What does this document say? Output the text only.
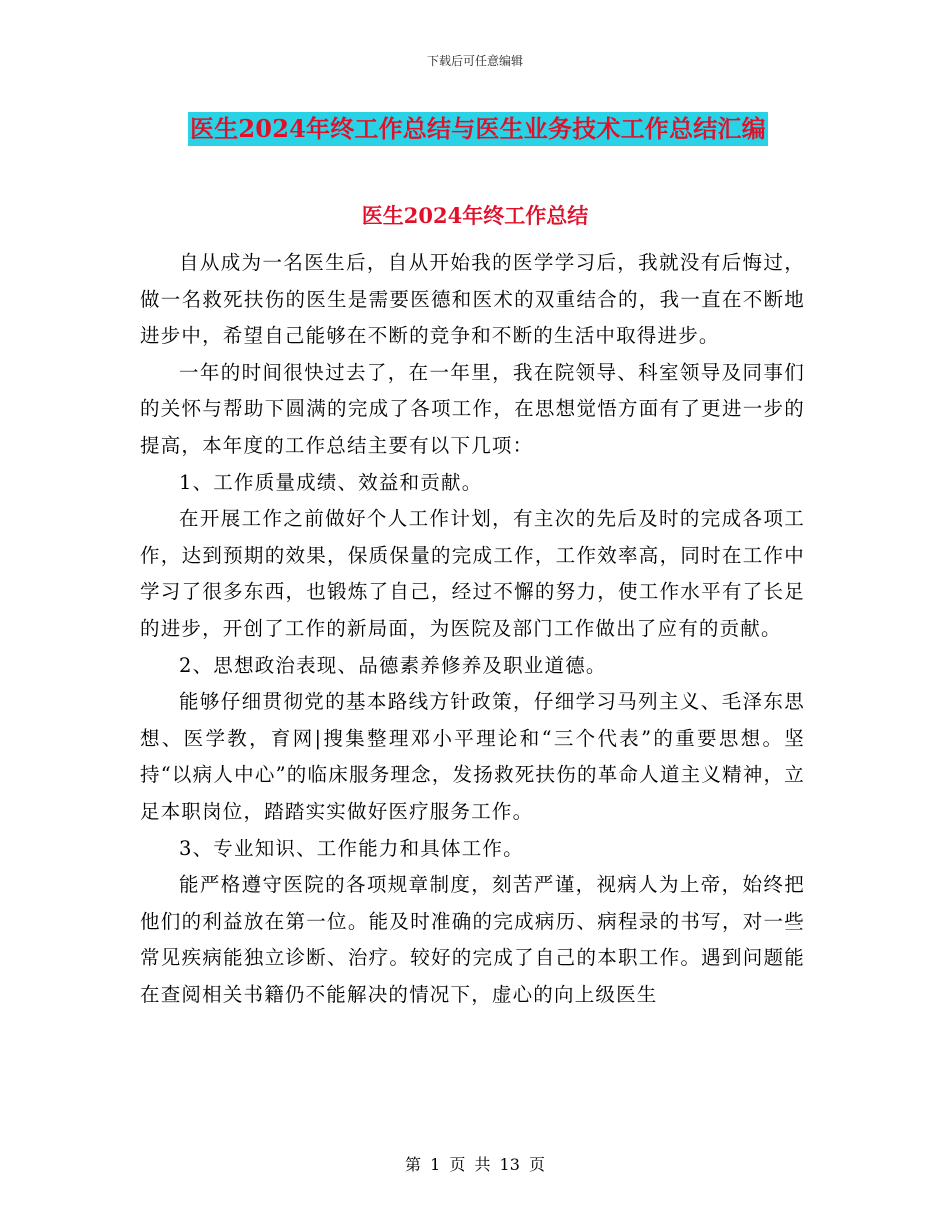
下载后可任意编辑
医生2024年终工作总结与医生业务技术工作总结汇编
医生2024年终工作总结

自从成为一名医生后，自从开始我的医学学习后，我就没有后悔过，做一名救死扶伤的医生是需要医德和医术的双重结合的，我一直在不断地进步中，希望自己能够在不断的竞争和不断的生活中取得进步。

一年的时间很快过去了，在一年里，我在院领导、科室领导及同事们的关怀与帮助下圆满的完成了各项工作，在思想觉悟方面有了更进一步的提高，本年度的工作总结主要有以下几项：

1、工作质量成绩、效益和贡献。

在开展工作之前做好个人工作计划，有主次的先后及时的完成各项工作，达到预期的效果，保质保量的完成工作，工作效率高，同时在工作中学习了很多东西，也锻炼了自己，经过不懈的努力，使工作水平有了长足的进步，开创了工作的新局面，为医院及部门工作做出了应有的贡献。

2、思想政治表现、品德素养修养及职业道德。

能够仔细贯彻党的基本路线方针政策，仔细学习马列主义、毛泽东思想、医学教，育网|搜集整理邓小平理论和“三个代表”的重要思想。坚持“以病人中心”的临床服务理念，发扬救死扶伤的革命人道主义精神，立足本职岗位，踏踏实实做好医疗服务工作。

3、专业知识、工作能力和具体工作。

能严格遵守医院的各项规章制度，刻苦严谨，视病人为上帝，始终把他们的利益放在第一位。能及时准确的完成病历、病程录的书写，对一些常见疾病能独立诊断、治疗。较好的完成了自己的本职工作。遇到问题能在查阅相关书籍仍不能解决的情况下，虚心的向上级医生

第 1 页 共 13 页
